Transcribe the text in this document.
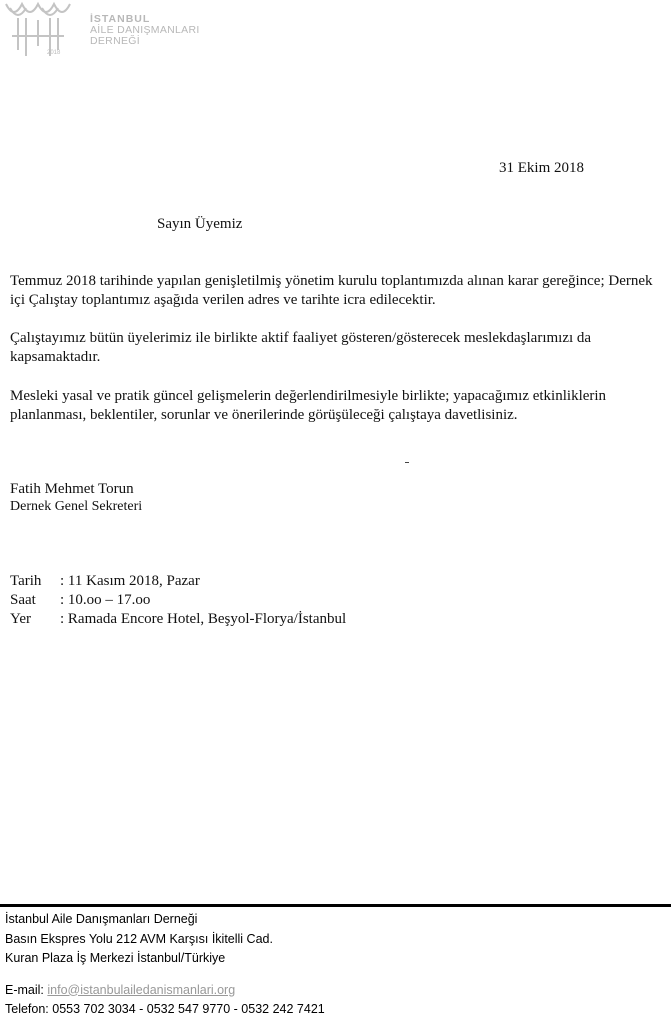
2018
İSTANBUL
AİLE DANIŞMANLARI
DERNEĞİ
31 Ekim 2018
Sayın Üyemiz

Temmuz 2018 tarihinde yapılan genişletilmiş yönetim kurulu toplantımızda alınan karar gereğince; Dernek içi Çalıştay toplantımız aşağıda verilen adres ve tarihte icra edilecektir.

Çalıştayımız bütün üyelerimiz ile birlikte aktif faaliyet gösteren/gösterecek meslekdaşlarımızı da kapsamaktadır.

Mesleki yasal ve pratik güncel gelişmelerin değerlendirilmesiyle birlikte; yapacağımız etkinliklerin planlanması, beklentiler, sorunlar ve önerilerinde görüşüleceği çalıştaya davetlisiniz.

Fatih Mehmet Torun
Dernek Genel Sekreteri
Tarih	: 11 Kasım 2018, Pazar
Saat	: 10.oo – 17.oo
Yer	: Ramada Encore Hotel, Beşyol-Florya/İstanbul
İstanbul Aile Danışmanları Derneği
Basın Ekspres Yolu 212 AVM Karşısı İkitelli Cad.
Kuran Plaza İş Merkezi İstanbul/Türkiye
E-mail: info@istanbulailedanismanlari.org
Telefon: 0553 702 3034 - 0532 547 9770 - 0532 242 7421
